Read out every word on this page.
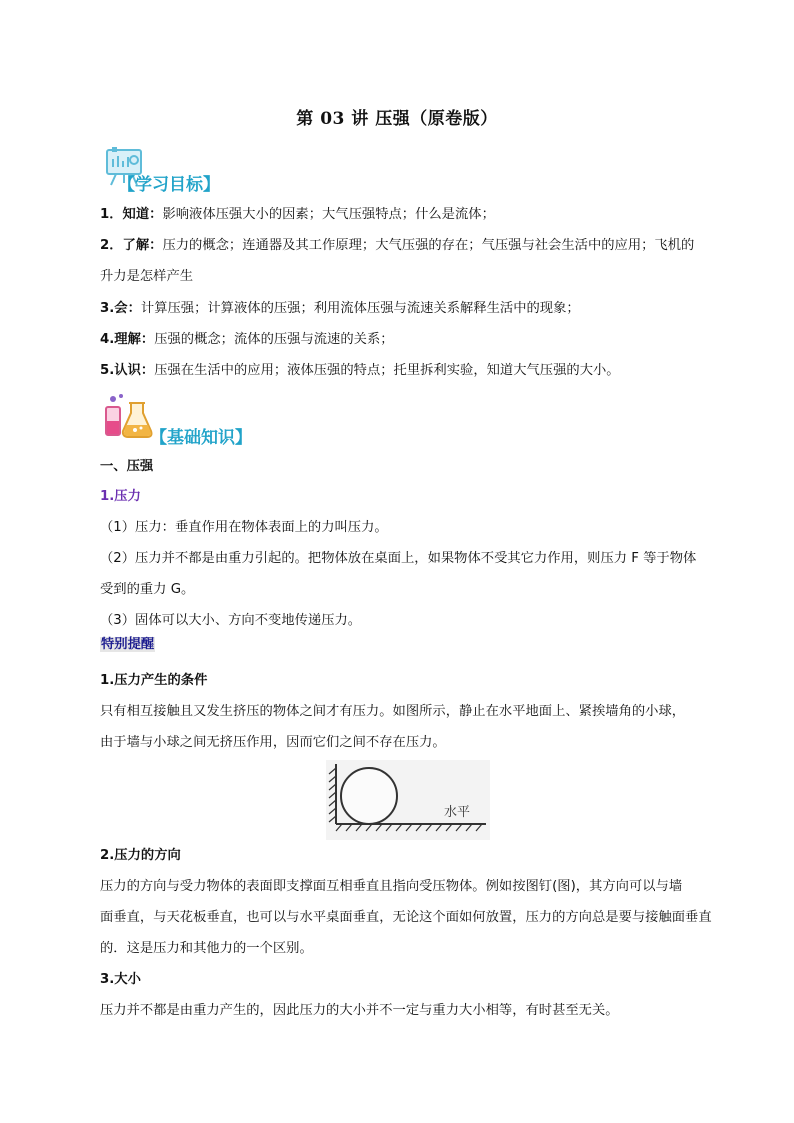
第 03 讲 压强（原卷版）
【学习目标】
1．知道：影响液体压强大小的因素；大气压强特点；什么是流体；
2．了解：压力的概念；连通器及其工作原理；大气压强的存在；气压强与社会生活中的应用；飞机的
升力是怎样产生
3.会：计算压强；计算液体的压强；利用流体压强与流速关系解释生活中的现象；
4.理解：压强的概念；流体的压强与流速的关系；
5.认识：压强在生活中的应用；液体压强的特点；托里拆利实验，知道大气压强的大小。
【基础知识】
一、压强
1.压力
（1）压力：垂直作用在物体表面上的力叫压力。
（2）压力并不都是由重力引起的。把物体放在桌面上，如果物体不受其它力作用，则压力 F 等于物体
受到的重力 G。
（3）固体可以大小、方向不变地传递压力。
特别提醒
1.压力产生的条件
只有相互接触且又发生挤压的物体之间才有压力。如图所示，静止在水平地面上、紧挨墙角的小球，
由于墙与小球之间无挤压作用，因而它们之间不存在压力。
水平
2.压力的方向
压力的方向与受力物体的表面即支撑面互相垂直且指向受压物体。例如按图钉(图)，其方向可以与墙
面垂直，与天花板垂直，也可以与水平桌面垂直，无论这个面如何放置，压力的方向总是要与接触面垂直
的．这是压力和其他力的一个区别。
3.大小
压力并不都是由重力产生的，因此压力的大小并不一定与重力大小相等，有时甚至无关。
